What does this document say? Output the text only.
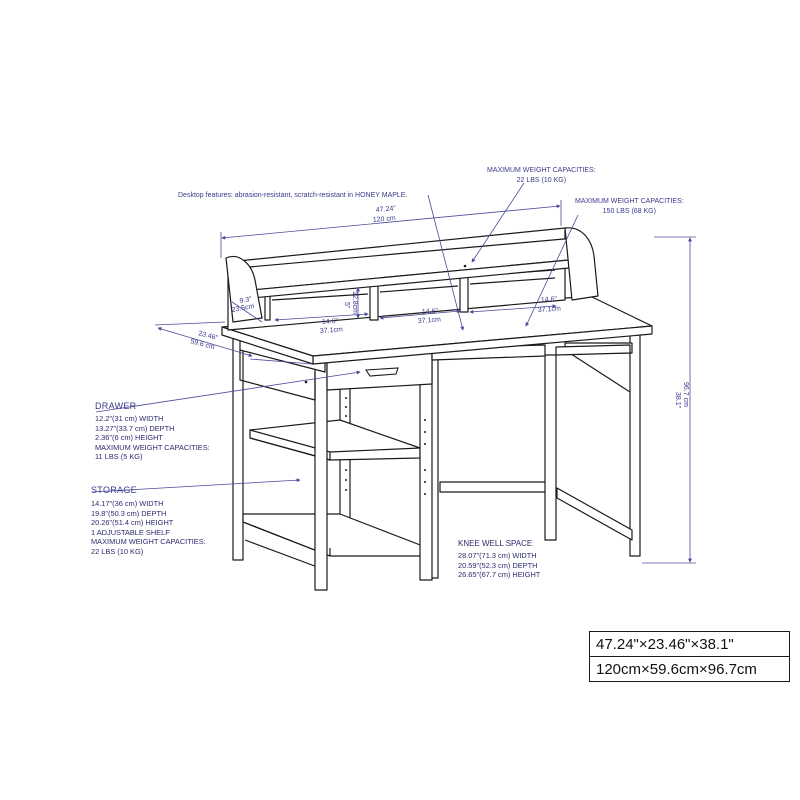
47.24"
120 cm
9.3"
23.5cm	5" 12.8cm
14.6"
37.1cm
14.6"
37.1cm
14.6"
37.1cm
23.46"
59.6 cm
38.1" 96.7 cm
Desktop features: abrasion-resistant, scratch-resistant in HONEY MAPLE.
MAXIMUM WEIGHT CAPACITIES:
22 LBS (10 KG)
MAXIMUM WEIGHT CAPACITIES:
150 LBS (68 KG)
DRAWER
12.2"(31 cm) WIDTH
13.27"(33.7 cm) DEPTH
2.36"(6 cm) HEIGHT
MAXIMUM WEIGHT CAPACITIES:
11 LBS (5 KG)
STORAGE
14.17"(36 cm) WIDTH
19.8"(50.3 cm) DEPTH
20.26"(51.4 cm) HEIGHT
1 ADJUSTABLE SHELF
MAXIMUM WEIGHT CAPACITIES:
22 LBS (10 KG)
KNEE WELL SPACE
28.07"(71.3 cm) WIDTH
20.59"(52.3 cm) DEPTH
26.65"(67.7 cm) HEIGHT
47.24"×23.46"×38.1"
120cm×59.6cm×96.7cm
